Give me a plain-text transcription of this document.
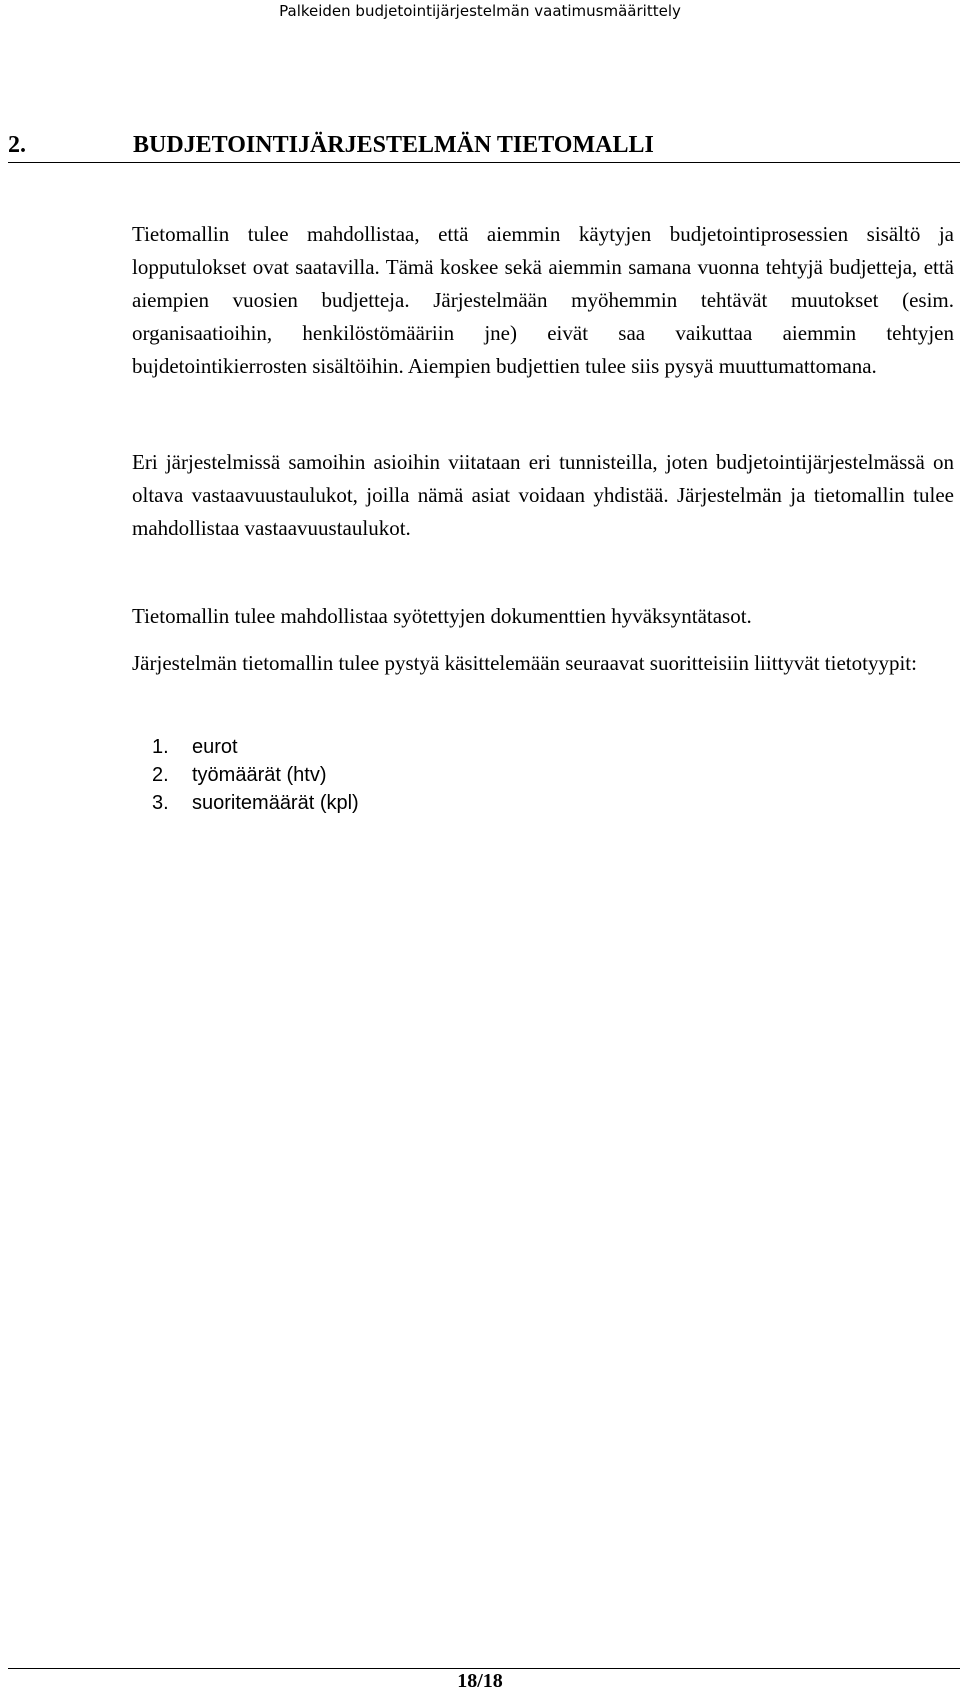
Palkeiden budjetointijärjestelmän vaatimusmäärittely
2.	BUDJETOINTIJÄRJESTELMÄN TIETOMALLI

Tietomallin tulee mahdollistaa, että aiemmin käytyjen budjetointiprosessien sisältö ja lopputulokset ovat saatavilla. Tämä koskee sekä aiemmin samana vuonna tehtyjä budjetteja, että aiempien vuosien budjetteja. Järjestelmään myöhemmin tehtävät muutokset (esim. organisaatioihin, henkilöstömääriin jne) eivät saa vaikuttaa aiemmin tehtyjen bujdetointikierrosten sisältöihin. Aiempien budjettien tulee siis pysyä muuttumattomana.

Eri järjestelmissä samoihin asioihin viitataan eri tunnisteilla, joten budjetointijärjestelmässä on oltava vastaavuustaulukot, joilla nämä asiat voidaan yhdistää. Järjestelmän ja tietomallin tulee mahdollistaa vastaavuustaulukot.

Tietomallin tulee mahdollistaa syötettyjen dokumenttien hyväksyntätasot.

Järjestelmän tietomallin tulee pystyä käsittelemään seuraavat suoritteisiin liittyvät tietotyypit:

1.	eurot
2.	työmäärät (htv)
3.	suoritemäärät (kpl)
18/18
